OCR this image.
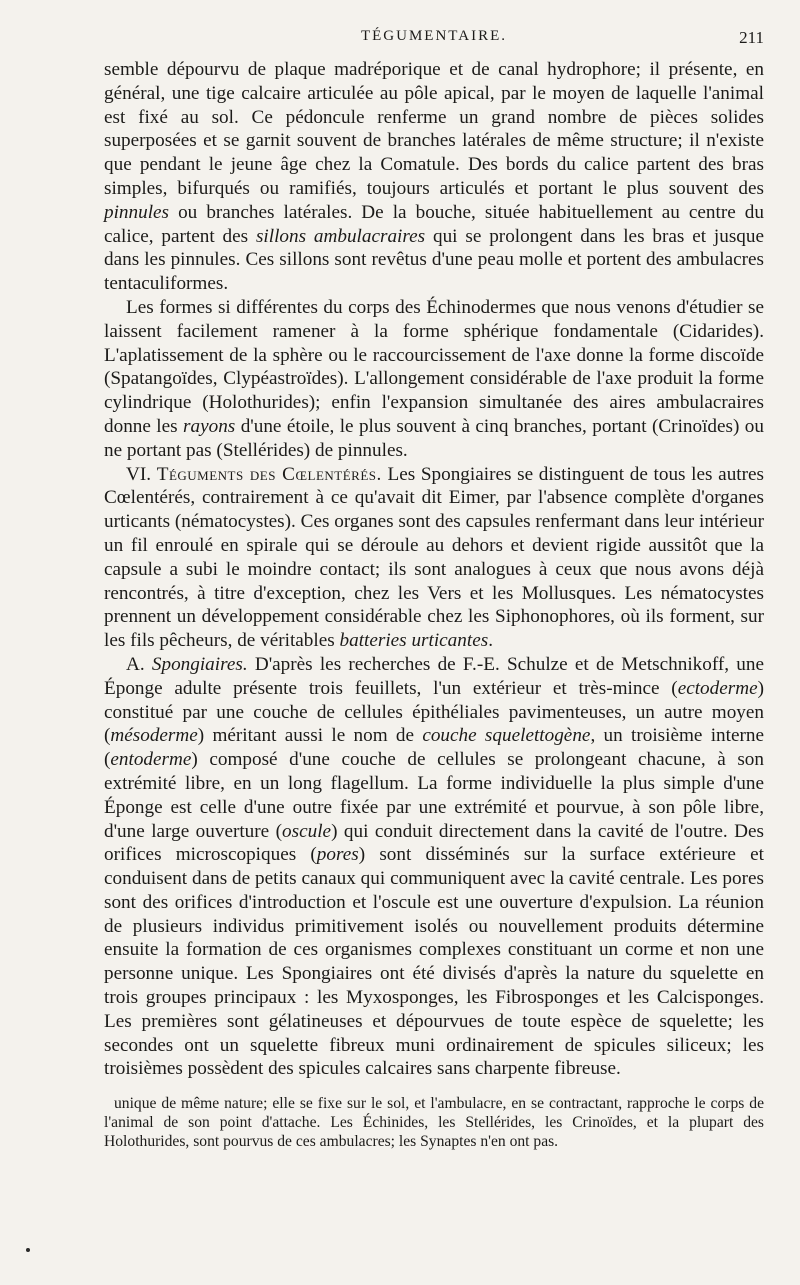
TÉGUMENTAIRE.	211

semble dépourvu de plaque madréporique et de canal hydrophore; il présente, en général, une tige calcaire articulée au pôle apical, par le moyen de laquelle l'animal est fixé au sol. Ce pédoncule renferme un grand nombre de pièces solides superposées et se garnit souvent de branches latérales de même structure; il n'existe que pendant le jeune âge chez la Comatule. Des bords du calice partent des bras simples, bifurqués ou ramifiés, toujours articulés et portant le plus souvent des pinnules ou branches latérales. De la bouche, située habituellement au centre du calice, partent des sillons ambulacraires qui se prolongent dans les bras et jusque dans les pinnules. Ces sillons sont revêtus d'une peau molle et portent des ambulacres tentaculiformes.

Les formes si différentes du corps des Échinodermes que nous venons d'étudier se laissent facilement ramener à la forme sphérique fondamentale (Cidarides). L'aplatissement de la sphère ou le raccourcissement de l'axe donne la forme discoïde (Spatangoïdes, Clypéastroïdes). L'allongement considérable de l'axe produit la forme cylindrique (Holothurides); enfin l'expansion simultanée des aires ambulacraires donne les rayons d'une étoile, le plus souvent à cinq branches, portant (Crinoïdes) ou ne portant pas (Stellérides) de pinnules.

VI. Téguments des Cœlentérés. Les Spongiaires se distinguent de tous les autres Cœlentérés, contrairement à ce qu'avait dit Eimer, par l'absence complète d'organes urticants (nématocystes). Ces organes sont des capsules renfermant dans leur intérieur un fil enroulé en spirale qui se déroule au dehors et devient rigide aussitôt que la capsule a subi le moindre contact; ils sont analogues à ceux que nous avons déjà rencontrés, à titre d'exception, chez les Vers et les Mollusques. Les nématocystes prennent un développement considérable chez les Siphonophores, où ils forment, sur les fils pêcheurs, de véritables batteries urticantes.

A. Spongiaires. D'après les recherches de F.-E. Schulze et de Metschnikoff, une Éponge adulte présente trois feuillets, l'un extérieur et très-mince (ectoderme) constitué par une couche de cellules épithéliales pavimenteuses, un autre moyen (mésoderme) méritant aussi le nom de couche squelettogène, un troisième interne (entoderme) composé d'une couche de cellules se prolongeant chacune, à son extrémité libre, en un long flagellum. La forme individuelle la plus simple d'une Éponge est celle d'une outre fixée par une extrémité et pourvue, à son pôle libre, d'une large ouverture (oscule) qui conduit directement dans la cavité de l'outre. Des orifices microscopiques (pores) sont disséminés sur la surface extérieure et conduisent dans de petits canaux qui communiquent avec la cavité centrale. Les pores sont des orifices d'introduction et l'oscule est une ouverture d'expulsion. La réunion de plusieurs individus primitivement isolés ou nouvellement produits détermine ensuite la formation de ces organismes complexes constituant un corme et non une personne unique. Les Spongiaires ont été divisés d'après la nature du squelette en trois groupes principaux : les Myxosponges, les Fibrosponges et les Calcisponges. Les premières sont gélatineuses et dépourvues de toute espèce de squelette; les secondes ont un squelette fibreux muni ordinairement de spicules siliceux; les troisièmes possèdent des spicules calcaires sans charpente fibreuse.

unique de même nature; elle se fixe sur le sol, et l'ambulacre, en se contractant, rapproche le corps de l'animal de son point d'attache. Les Échinides, les Stellérides, les Crinoïdes, et la plupart des Holothurides, sont pourvus de ces ambulacres; les Synaptes n'en ont pas.
